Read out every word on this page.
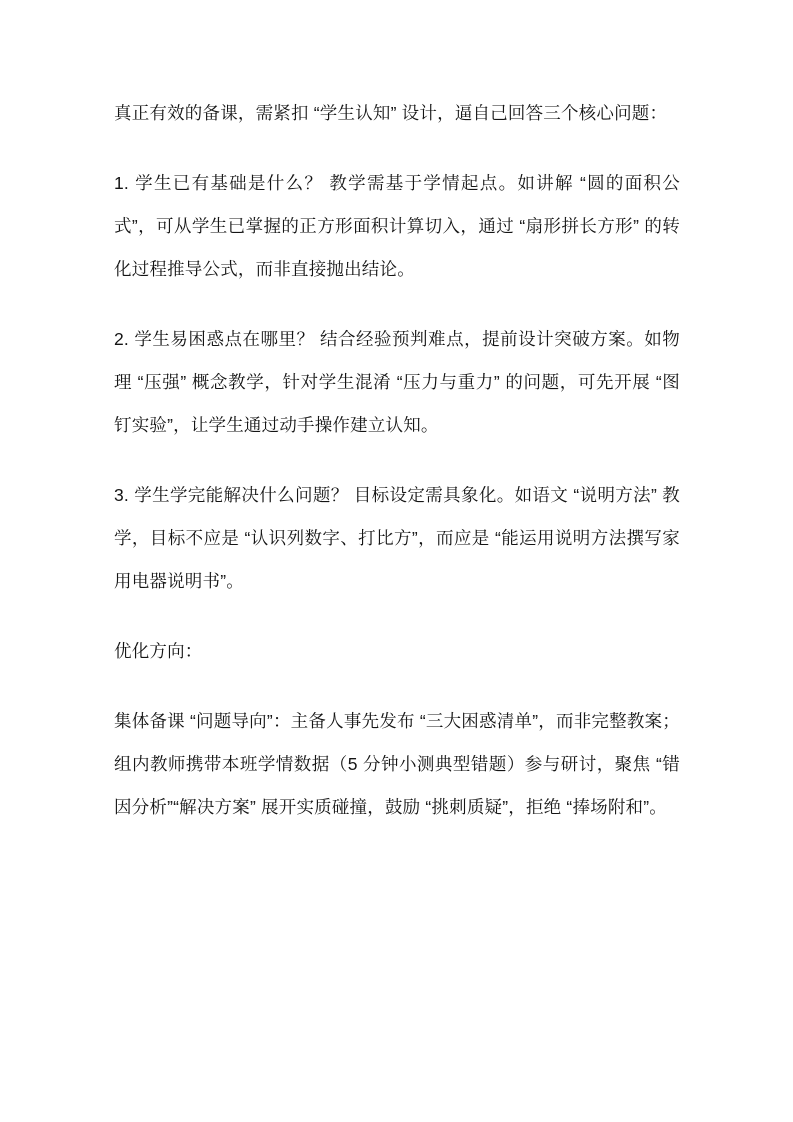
真正有效的备课，需紧扣 “学生认知” 设计，逼自己回答三个核心问题：

1. 学生已有基础是什么？ 教学需基于学情起点。如讲解 “圆的面积公式”，可从学生已掌握的正方形面积计算切入，通过 “扇形拼长方形” 的转化过程推导公式，而非直接抛出结论。

2. 学生易困惑点在哪里？ 结合经验预判难点，提前设计突破方案。如物理 “压强” 概念教学，针对学生混淆 “压力与重力” 的问题，可先开展 “图钉实验”，让学生通过动手操作建立认知。

3. 学生学完能解决什么问题？ 目标设定需具象化。如语文 “说明方法” 教学，目标不应是 “认识列数字、打比方”，而应是 “能运用说明方法撰写家用电器说明书”。

优化方向：

集体备课 “问题导向”：主备人事先发布 “三大困惑清单”，而非完整教案；组内教师携带本班学情数据（5 分钟小测典型错题）参与研讨，聚焦 “错因分析”“解决方案” 展开实质碰撞，鼓励 “挑刺质疑”，拒绝 “捧场附和”。
